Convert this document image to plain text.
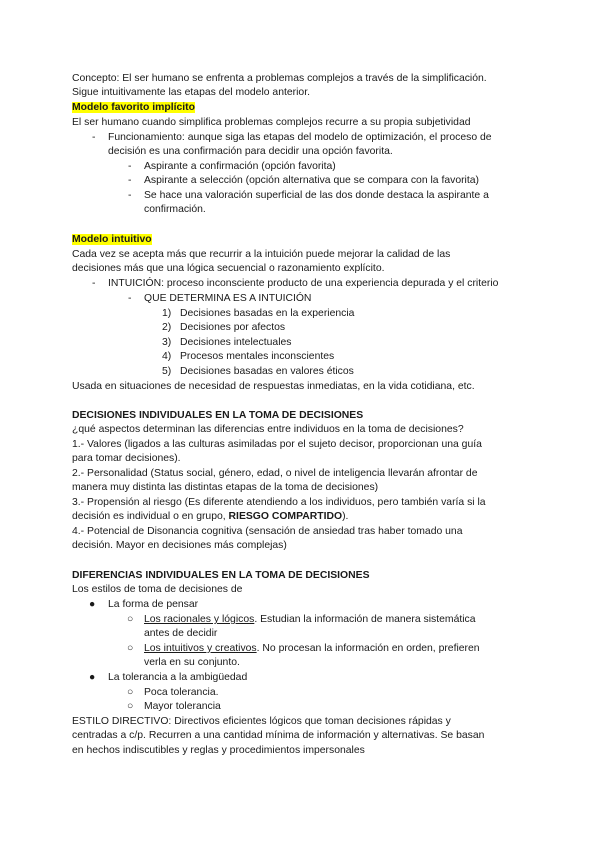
Concepto: El ser humano se enfrenta a problemas complejos a través de la simplificación.

Sigue intuitivamente las etapas del modelo anterior.

Modelo favorito implícito

El ser humano cuando simplifica problemas complejos recurre a su propia subjetividad

- Funcionamiento: aunque siga las etapas del modelo de optimización, el proceso de

decisión es una confirmación para decidir una opción favorita.

- Aspirante a confirmación (opción favorita)

- Aspirante a selección (opción alternativa que se compara con la favorita)

- Se hace una valoración superficial de las dos donde destaca la aspirante a

confirmación.

Modelo intuitivo

Cada vez se acepta más que recurrir a la intuición puede mejorar la calidad de las

decisiones más que una lógica secuencial o razonamiento explícito.

- INTUICIÓN: proceso inconsciente producto de una experiencia depurada y el criterio

- QUE DETERMINA ES A INTUICIÓN

1) Decisiones basadas en la experiencia

2) Decisiones por afectos

3) Decisiones intelectuales

4) Procesos mentales inconscientes

5) Decisiones basadas en valores éticos

Usada en situaciones de necesidad de respuestas inmediatas, en la vida cotidiana, etc.

DECISIONES INDIVIDUALES EN LA TOMA DE DECISIONES

¿qué aspectos determinan las diferencias entre individuos en la toma de decisiones?

1.- Valores (ligados a las culturas asimiladas por el sujeto decisor, proporcionan una guía

para tomar decisiones).

2.- Personalidad (Status social, género, edad, o nivel de inteligencia llevarán afrontar de

manera muy distinta las distintas etapas de la toma de decisiones)

3.- Propensión al riesgo (Es diferente atendiendo a los individuos, pero también varía si la

decisión es individual o en grupo, RIESGO COMPARTIDO).

4.- Potencial de Disonancia cognitiva (sensación de ansiedad tras haber tomado una

decisión. Mayor en decisiones más complejas)

DIFERENCIAS INDIVIDUALES EN LA TOMA DE DECISIONES

Los estilos de toma de decisiones de

● La forma de pensar

○ Los racionales y lógicos. Estudian la información de manera sistemática

antes de decidir

○ Los intuitivos y creativos. No procesan la información en orden, prefieren

verla en su conjunto.

● La tolerancia a la ambigüedad

○ Poca tolerancia.

○ Mayor tolerancia

ESTILO DIRECTIVO: Directivos eficientes lógicos que toman decisiones rápidas y

centradas a c/p. Recurren a una cantidad mínima de información y alternativas. Se basan

en hechos indiscutibles y reglas y procedimientos impersonales
